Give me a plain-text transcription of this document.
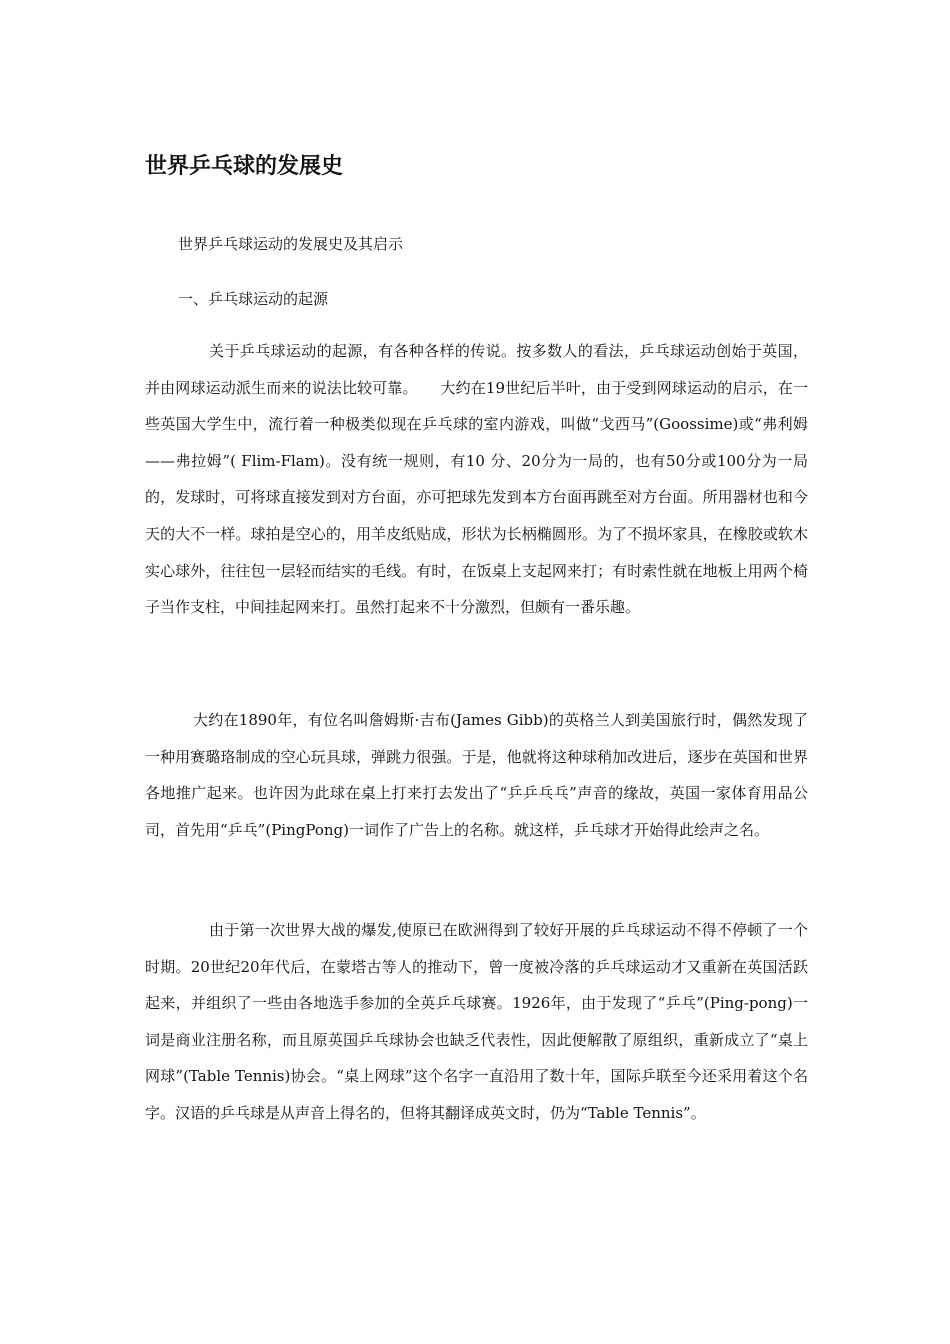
世界乒乓球的发展史

世界乒乓球运动的发展史及其启示

一、乒乓球运动的起源

关于乒乓球运动的起源，有各种各样的传说。按多数人的看法，乒乓球运动创始于英国，并由网球运动派生而来的说法比较可靠。　　大约在19世纪后半叶，由于受到网球运动的启示，在一些英国大学生中，流行着一种极类似现在乒乓球的室内游戏，叫做“戈西马”(Goossime)或“弗利姆——弗拉姆”( Flim-Flam)。没有统一规则，有10 分、20分为一局的，也有50分或100分为一局的，发球时，可将球直接发到对方台面，亦可把球先发到本方台面再跳至对方台面。所用器材也和今天的大不一样。球拍是空心的，用羊皮纸贴成，形状为长柄椭圆形。为了不损坏家具，在橡胶或软木实心球外，往往包一层轻而结实的毛线。有时，在饭桌上支起网来打；有时索性就在地板上用两个椅子当作支柱，中间挂起网来打。虽然打起来不十分激烈，但颇有一番乐趣。

大约在1890年，有位名叫詹姆斯·吉布(James Gibb)的英格兰人到美国旅行时，偶然发现了一种用赛璐珞制成的空心玩具球，弹跳力很强。于是，他就将这种球稍加改进后，逐步在英国和世界各地推广起来。也许因为此球在桌上打来打去发出了“乒乒乓乓”声音的缘故，英国一家体育用品公司，首先用“乒乓”(PingPong)一词作了广告上的名称。就这样，乒乓球才开始得此绘声之名。

由于第一次世界大战的爆发,使原已在欧洲得到了较好开展的乒乓球运动不得不停顿了一个时期。20世纪20年代后，在蒙塔古等人的推动下，曾一度被冷落的乒乓球运动才又重新在英国活跃起来，并组织了一些由各地选手参加的全英乒乓球赛。1926年，由于发现了“乒乓”(Ping-pong)一词是商业注册名称，而且原英国乒乓球协会也缺乏代表性，因此便解散了原组织，重新成立了“桌上网球”(Table Tennis)协会。“桌上网球”这个名字一直沿用了数十年，国际乒联至今还采用着这个名字。汉语的乒乓球是从声音上得名的，但将其翻译成英文时，仍为“Table Tennis”。
